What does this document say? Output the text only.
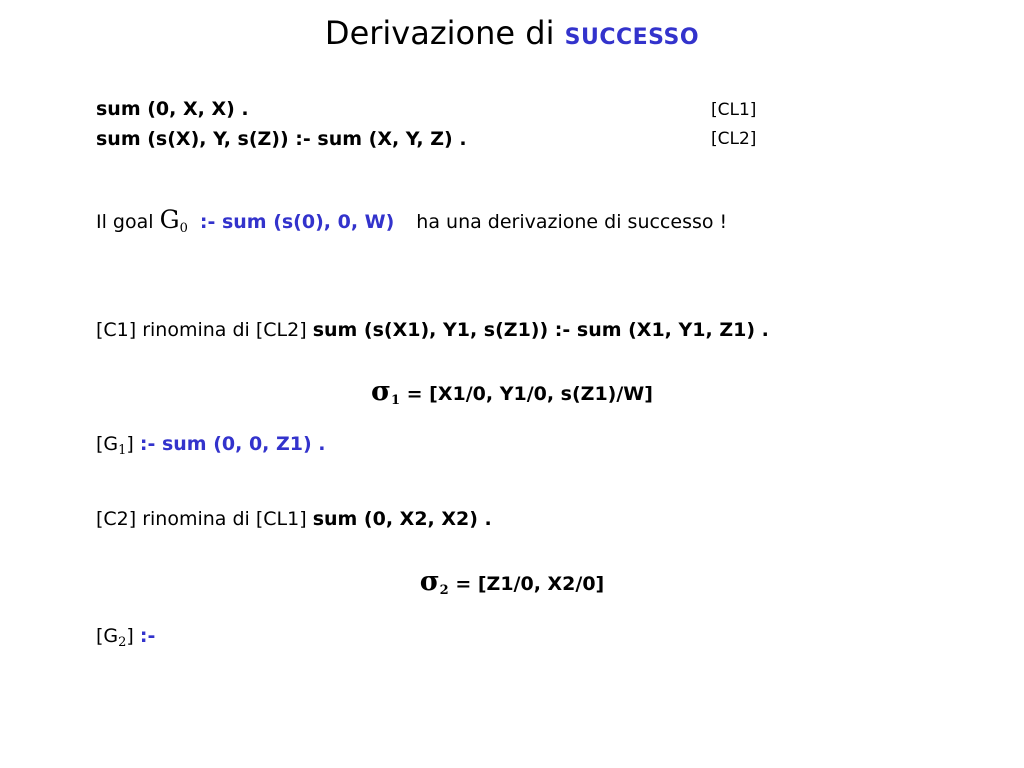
Derivazione di SUCCESSO
sum (0, X, X) .	[CL1]
sum (s(X), Y, s(Z)) :- sum (X, Y, Z) .	[CL2]
Il goal $G_0$ :- sum (s(0), 0, W) ha una derivazione di successo !
[C1] rinomina di [CL2] sum (s(X1), Y1, s(Z1)) :- sum (X1, Y1, Z1) .
$\sigma_1 = [X1/0$, Y1/0, s(Z1)/W]
$[G_1]$ :- sum (0, 0, Z1) .
[C2] rinomina di [CL1] sum (0, X2, X2) .
$\sigma_2 = [Z1/0$, X2/0]
$[G_2]$ :-
